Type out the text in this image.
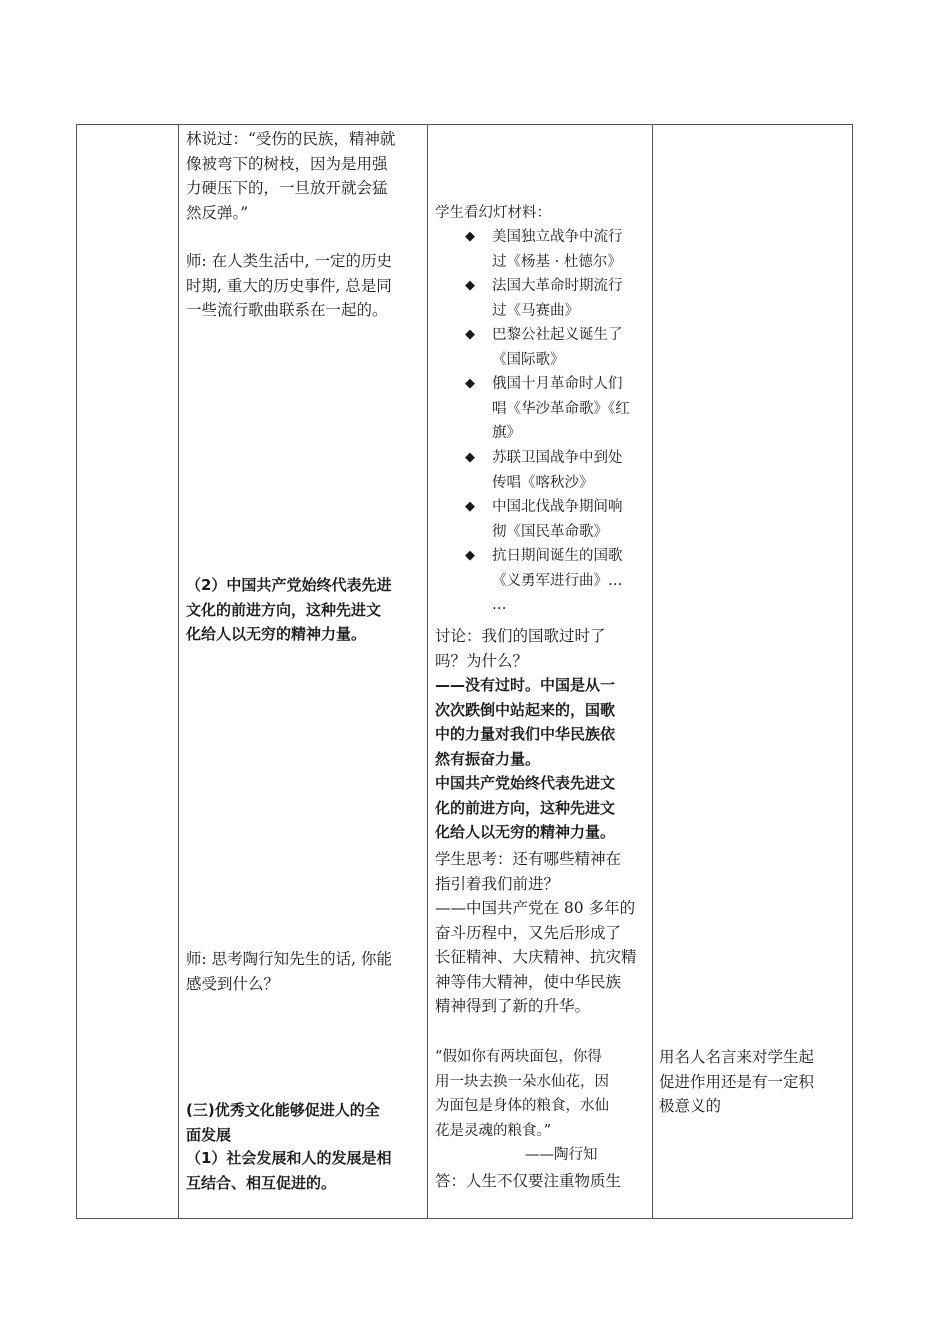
林说过：“受伤的民族，精神就
像被弯下的树枝，因为是用强
力硬压下的，一旦放开就会猛
然反弹。”
师: 在人类生活中, 一定的历史
时期, 重大的历史事件, 总是同
一些流行歌曲联系在一起的。
（2）中国共产党始终代表先进
文化的前进方向，这种先进文
化给人以无穷的精神力量。
师: 思考陶行知先生的话, 你能
感受到什么？
(三)优秀文化能够促进人的全
面发展
（1）社会发展和人的发展是相
互结合、相互促进的。
学生看幻灯材料：
◆ 美国独立战争中流行
过《杨基 · 杜德尔》
◆ 法国大革命时期流行
过《马赛曲》
◆ 巴黎公社起义诞生了
《国际歌》
◆ 俄国十月革命时人们
唱《华沙革命歌》《红
旗》
◆ 苏联卫国战争中到处
传唱《喀秋沙》
◆ 中国北伐战争期间响
彻《国民革命歌》
◆ 抗日期间诞生的国歌
《义勇军进行曲》…
…
讨论：我们的国歌过时了
吗？为什么？
——没有过时。中国是从一
次次跌倒中站起来的，国歌
中的力量对我们中华民族依
然有振奋力量。
中国共产党始终代表先进文
化的前进方向，这种先进文
化给人以无穷的精神力量。
学生思考：还有哪些精神在
指引着我们前进？
——中国共产党在 80 多年的
奋斗历程中，又先后形成了
长征精神、大庆精神、抗灾精
神等伟大精神，使中华民族
精神得到了新的升华。
“假如你有两块面包，你得
用一块去换一朵水仙花，因
为面包是身体的粮食，水仙
花是灵魂的粮食。”
——陶行知
答：人生不仅要注重物质生
用名人名言来对学生起
促进作用还是有一定积
极意义的
